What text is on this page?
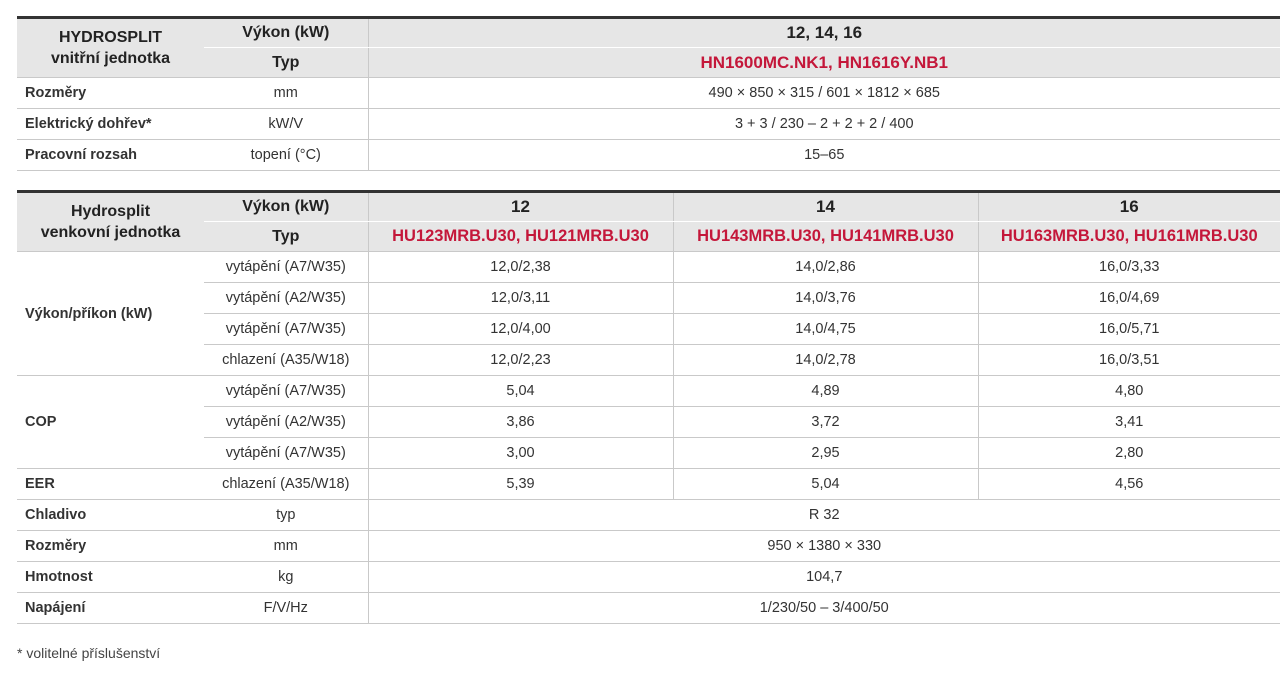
HYDROSPLIT
vnitřní jednotka	Výkon (kW)	12, 14, 16
	Typ	HN1600MC.NK1, HN1616Y.NB1
Rozměry	mm	490 × 850 × 315 / 601 × 1812 × 685
Elektrický dohřev*	kW/V	3 + 3 / 230 – 2 + 2 + 2 / 400
Pracovní rozsah	topení (°C)	15–65
Hydrosplit
venkovní jednotka	Výkon (kW)	12	14	16
	Typ	HU123MRB.U30, HU121MRB.U30	HU143MRB.U30, HU141MRB.U30	HU163MRB.U30, HU161MRB.U30
Výkon/příkon (kW)	vytápění (A7/W35)	12,0/2,38	14,0/2,86	16,0/3,33
	vytápění (A2/W35)	12,0/3,11	14,0/3,76	16,0/4,69
	vytápění (A7/W35)	12,0/4,00	14,0/4,75	16,0/5,71
	chlazení (A35/W18)	12,0/2,23	14,0/2,78	16,0/3,51
COP	vytápění (A7/W35)	5,04	4,89	4,80
	vytápění (A2/W35)	3,86	3,72	3,41
	vytápění (A7/W35)	3,00	2,95	2,80
EER	chlazení (A35/W18)	5,39	5,04	4,56
Chladivo	typ	R 32		
Rozměry	mm	950 × 1380 × 330		
Hmotnost	kg	104,7		
Napájení	F/V/Hz	1/230/50 – 3/400/50		
* volitelné příslušenství
